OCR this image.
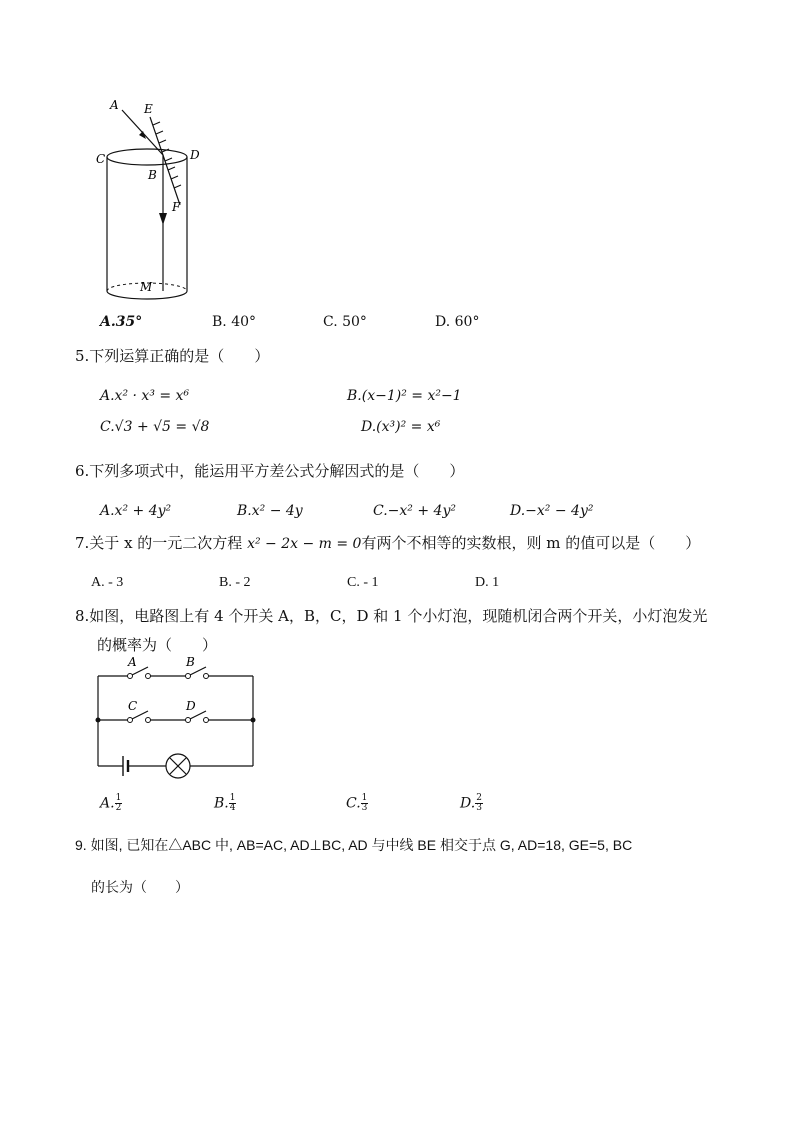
A E
C	D
B
F
M
A.35°	B. 40°	C. 50°	D. 60°
5.下列运算正确的是（　　）
A.x² · x³ = x⁶	B.(x−1)² = x²−1
C.√3 + √5 = √8	D.(x³)² = x⁶
6.下列多项式中，能运用平方差公式分解因式的是（　　）
A.x² + 4y²	B.x² − 4y	C.−x² + 4y²	D.−x² − 4y²
7.关于 x 的一元二次方程 x² − 2x − m = 0有两个不相等的实数根，则 m 的值可以是（　　）
A. - 3	B. - 2	C. - 1	D. 1
8.如图，电路图上有 4 个开关 A，B，C，D 和 1 个小灯泡，现随机闭合两个开关，小灯泡发光
的概率为（　　）
A	B
C	D
A. $\frac{1}{2}$	B. $\frac{1}{4}$	C. $\frac{1}{3}$	D. $\frac{2}{3}$
9. 如图, 已知在△ABC 中, AB=AC, AD⊥BC, AD 与中线 BE 相交于点 G, AD=18, GE=5, BC
的长为（　　）
